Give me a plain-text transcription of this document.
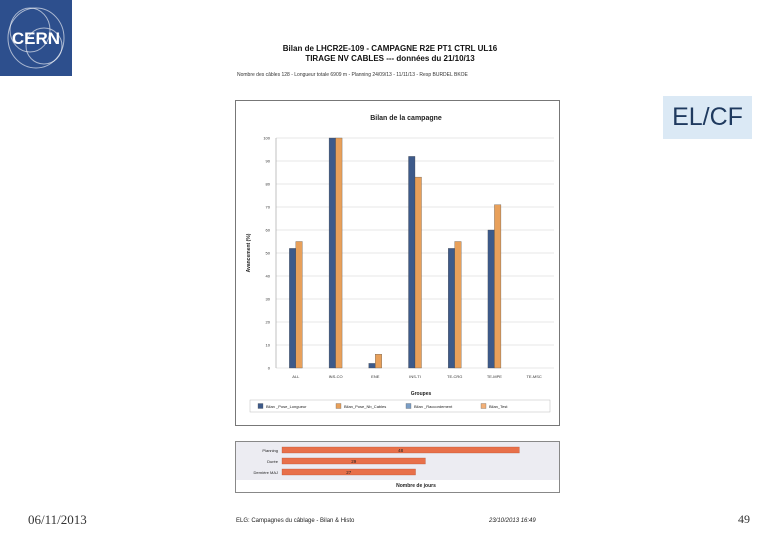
CERN
EL/CF
Bilan de LHCR2E-109 - CAMPAGNE R2E PT1 CTRL UL16
TIRAGE NV CABLES --- données du 21/10/13
Nombre des câbles 128 - Longueur totale 6909 m - Planning 24/09/13 - 11/11/13 - Resp BURDEL BKOE
0
10
20
30
40
50
60
70
80
90
100
ALL	INS-CO	ENE	INS-TI	TE-CRG	TE-MPE	TE-MSC
Bilan de la campagne
Avancement (%)
Groupes
Bilan _Pose_Longueur	Bilan_Pose_Nb_Cables	Bilan _Raccordement	Bilan_Test
Planning	48
Durée	29
Dernière MAJ	27
Nombre de jours
06/11/2013	ELG: Campagnes du câblage - Bilan & Histo	23/10/2013 16:49	49
